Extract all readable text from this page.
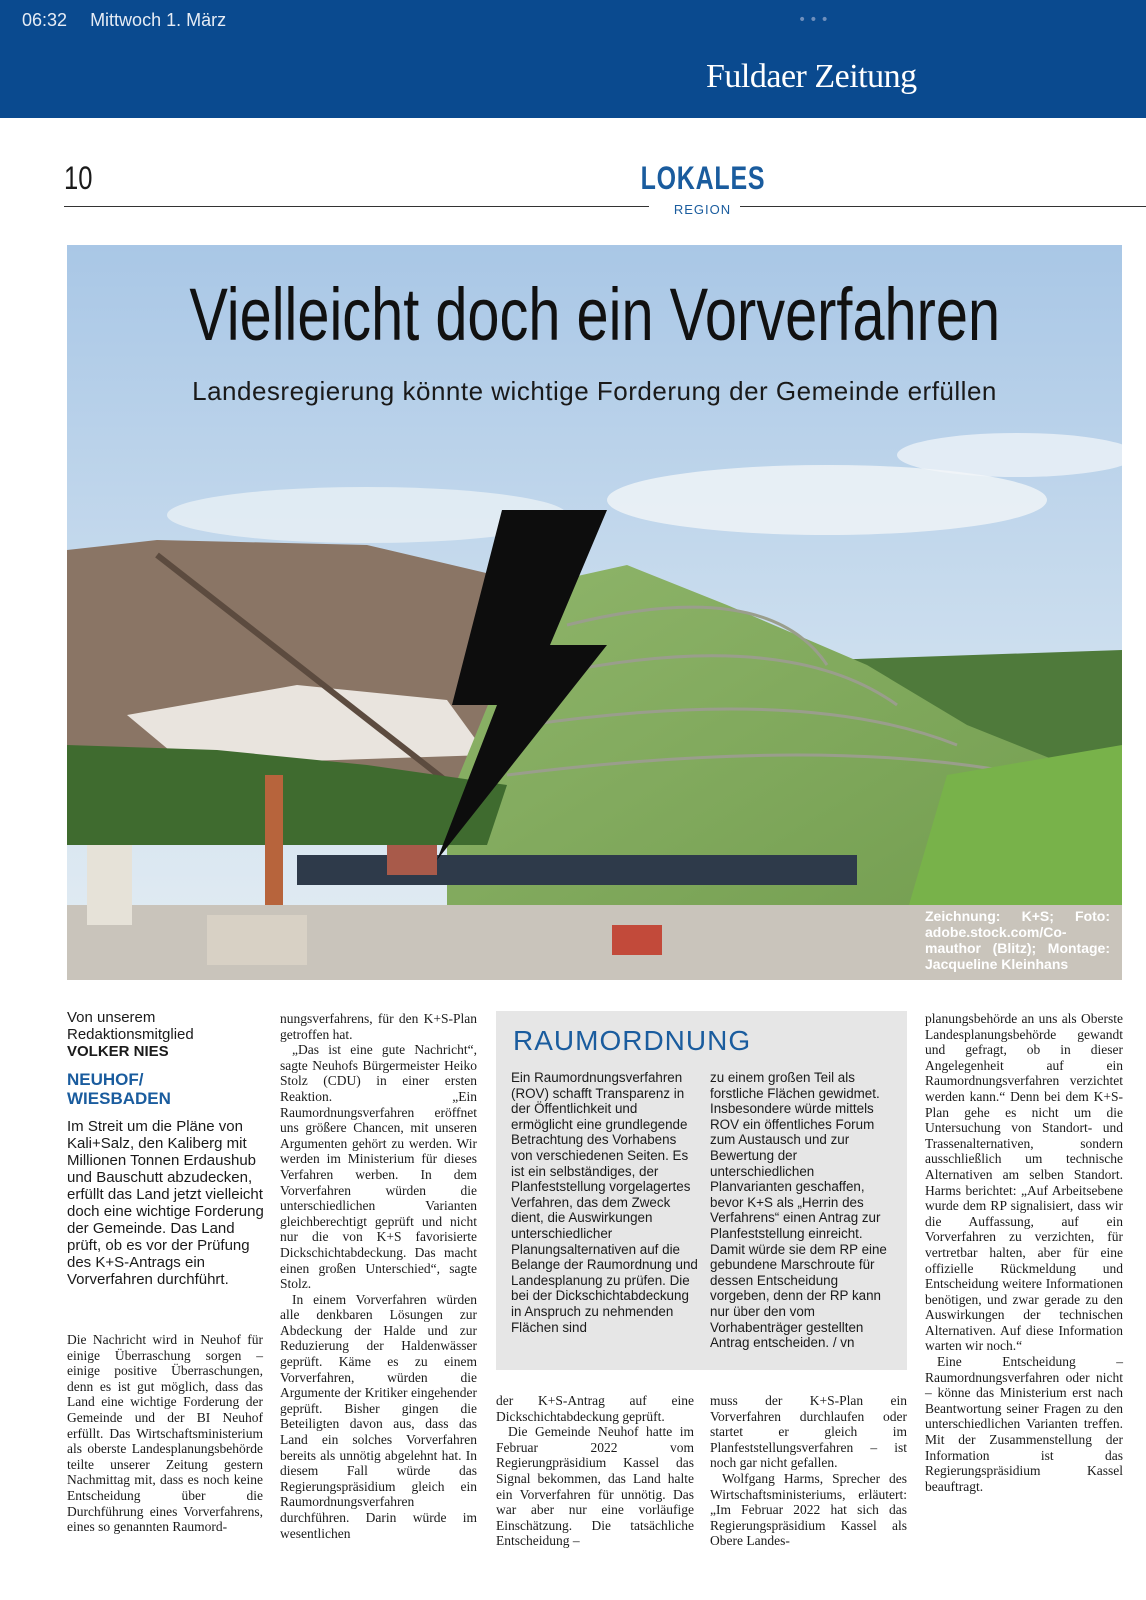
06:32 Mittwoch 1. März	•••
Fuldaer Zeitung
10	LOKALES
REGION
Vielleicht doch ein Vorverfahren
Landesregierung könnte wichtige Forderung der Gemeinde erfüllen
Zeichnung: K+S; Foto: adobe.stock.com/Co-mauthor (Blitz); Montage: Jacqueline Kleinhans
Von unserem
Redaktionsmitglied
VOLKER NIES
NEUHOF/
WIESBADEN
Im Streit um die Pläne von Kali+Salz, den Kaliberg mit Millionen Tonnen Erdaushub und Bauschutt abzudecken, erfüllt das Land jetzt vielleicht doch eine wichtige Forderung der Gemeinde. Das Land prüft, ob es vor der Prüfung des K+S-Antrags ein Vorverfahren durchführt.

Die Nachricht wird in Neuhof für einige Überraschung sorgen – einige positive Überraschungen, denn es ist gut möglich, dass das Land eine wichtige Forderung der Gemeinde und der BI Neuhof erfüllt. Das Wirtschaftsministerium als oberste Landesplanungsbehörde teilte unserer Zeitung gestern Nachmittag mit, dass es noch keine Entscheidung über die Durchführung eines Vorverfahrens, eines so genannten Raumord-

nungsverfahrens, für den K+S-Plan getroffen hat.

„Das ist eine gute Nachricht“, sagte Neuhofs Bürgermeister Heiko Stolz (CDU) in einer ersten Reaktion. „Ein Raumordnungsverfahren eröffnet uns größere Chancen, mit unseren Argumenten gehört zu werden. Wir werden im Ministerium für dieses Verfahren werben. In dem Vorverfahren würden die unterschiedlichen Varianten gleichberechtigt geprüft und nicht nur die von K+S favorisierte Dickschichtabdeckung. Das macht einen großen Unterschied“, sagte Stolz.

In einem Vorverfahren würden alle denkbaren Lösungen zur Abdeckung der Halde und zur Reduzierung der Haldenwässer geprüft. Käme es zu einem Vorverfahren, würden die Argumente der Kritiker eingehender geprüft. Bisher gingen die Beteiligten davon aus, dass das Land ein solches Vorverfahren bereits als unnötig abgelehnt hat. In diesem Fall würde das Regierungspräsidium gleich ein Raumordnungsverfahren durchführen. Darin würde im wesentlichen

RAUMORDNUNG

Ein Raumordnungsverfahren (ROV) schafft Transparenz in der Öffentlichkeit und ermöglicht eine grundlegende Betrachtung des Vorhabens von verschiedenen Seiten. Es ist ein selbständiges, der Planfeststellung vorgelagertes Verfahren, das dem Zweck dient, die Auswirkungen unterschiedlicher Planungsalternativen auf die Belange der Raumordnung und Landesplanung zu prüfen. Die bei der Dickschichtabdeckung in Anspruch zu nehmenden Flächen sind

zu einem großen Teil als forstliche Flächen gewidmet. Insbesondere würde mittels ROV ein öffentliches Forum zum Austausch und zur Bewertung der unterschiedlichen Planvarianten geschaffen, bevor K+S als „Herrin des Verfahrens“ einen Antrag zur Planfeststellung einreicht. Damit würde sie dem RP eine gebundene Marschroute für dessen Entscheidung vorgeben, denn der RP kann nur über den vom Vorhabenträger gestellten Antrag entscheiden. / vn

der K+S-Antrag auf eine Dickschichtabdeckung geprüft.

Die Gemeinde Neuhof hatte im Februar 2022 vom Regierungpräsidium Kassel das Signal bekommen, das Land halte ein Vorverfahren für unnötig. Das war aber nur eine vorläufige Einschätzung. Die tatsächliche Entscheidung –

muss der K+S-Plan ein Vorverfahren durchlaufen oder startet er gleich im Planfeststellungsverfahren – ist noch gar nicht gefallen.

Wolfgang Harms, Sprecher des Wirtschaftsministeriums, erläutert: „Im Februar 2022 hat sich das Regierungspräsidium Kassel als Obere Landes-

planungsbehörde an uns als Oberste Landesplanungsbehörde gewandt und gefragt, ob in dieser Angelegenheit auf ein Raumordnungsverfahren verzichtet werden kann.“ Denn bei dem K+S-Plan gehe es nicht um die Untersuchung von Standort- und Trassenalternativen, sondern ausschließlich um technische Alternativen am selben Standort. Harms berichtet: „Auf Arbeitsebene wurde dem RP signalisiert, dass wir die Auffassung, auf ein Vorverfahren zu verzichten, für vertretbar halten, aber für eine offizielle Rückmeldung und Entscheidung weitere Informationen benötigen, und zwar gerade zu den Auswirkungen der technischen Alternativen. Auf diese Information warten wir noch.“

Eine Entscheidung – Raumordnungsverfahren oder nicht – könne das Ministerium erst nach Beantwortung seiner Fragen zu den unterschiedlichen Varianten treffen. Mit der Zusammenstellung der Information ist das Regierungspräsidium Kassel beauftragt.
